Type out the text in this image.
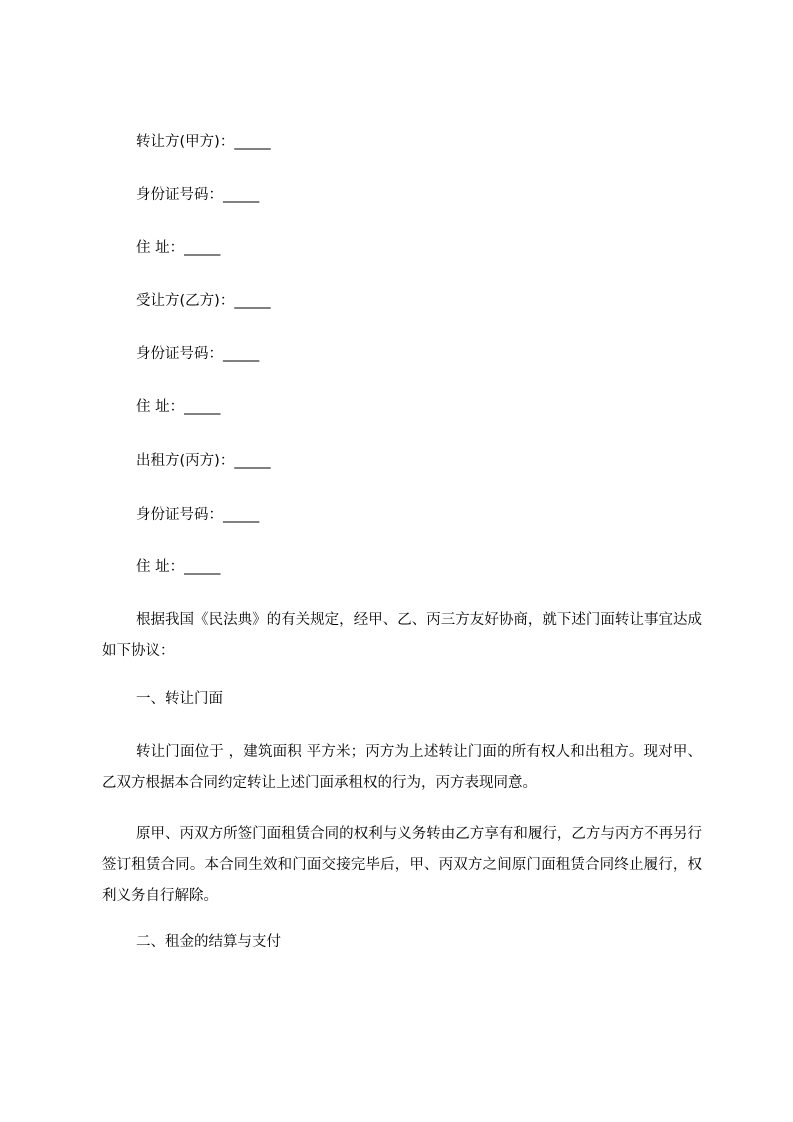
转让方(甲方)：_____
身份证号码：_____
住 址：_____
受让方(乙方)：_____
身份证号码：_____
住 址：_____
出租方(丙方)：_____
身份证号码：_____
住 址：_____
根据我国《民法典》的有关规定，经甲、乙、丙三方友好协商，就下述门面转让事宜达成如下协议：
一、转让门面
转让门面位于 ，建筑面积 平方米；丙方为上述转让门面的所有权人和出租方。现对甲、乙双方根据本合同约定转让上述门面承租权的行为，丙方表现同意。
原甲、丙双方所签门面租赁合同的权利与义务转由乙方享有和履行，乙方与丙方不再另行签订租赁合同。本合同生效和门面交接完毕后，甲、丙双方之间原门面租赁合同终止履行，权利义务自行解除。
二、租金的结算与支付
